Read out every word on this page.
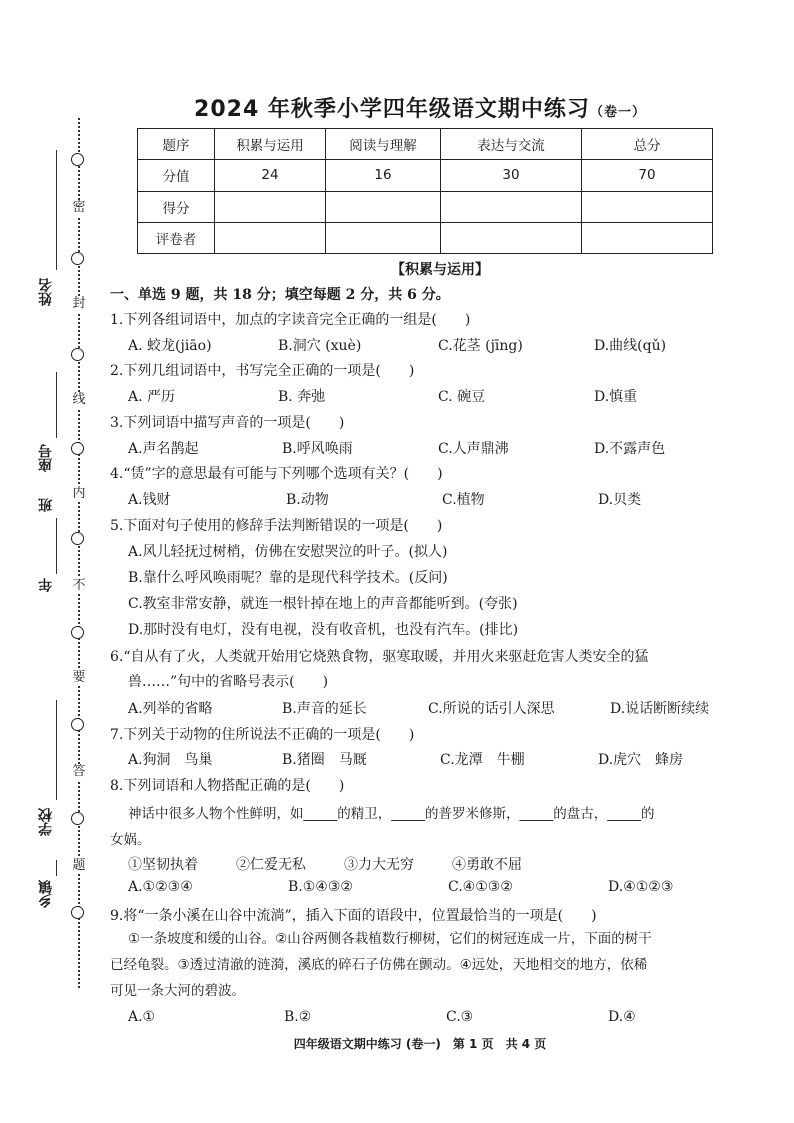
密
封
线
内
不
要
答
题
姓名
座号
班
年
学校
乡镇
2024 年秋季小学四年级语文期中练习（卷一）
题序	积累与运用	阅读与理解	表达与交流	总分
分值	24	16	30	70
得分				
评卷者				
【积累与运用】
一、单选 9 题，共 18 分；填空每题 2 分，共 6 分。
1.下列各组词语中，加点的字读音完全正确的一组是(　　)
A. 蛟龙(jiāo)	B.洞穴 (xuè)	C.花茎 (jīng)	D.曲线(qǔ)
2.下列几组词语中，书写完全正确的一项是(　　)
A. 严历	B. 奔弛	C. 碗豆	D.慎重
3.下列词语中描写声音的一项是(　　)
A.声名鹊起	B.呼风唤雨	C.人声鼎沸	D.不露声色
4.“赁”字的意思最有可能与下列哪个选项有关？(　　)
A.钱财	B.动物	C.植物	D.贝类
5.下面对句子使用的修辞手法判断错误的一项是(　　)
A.风儿轻抚过树梢，仿佛在安慰哭泣的叶子。(拟人)
B.靠什么呼风唤雨呢？靠的是现代科学技术。(反问)
C.教室非常安静，就连一根针掉在地上的声音都能听到。(夸张)
D.那时没有电灯，没有电视，没有收音机，也没有汽车。(排比)
6.“自从有了火，人类就开始用它烧熟食物，驱寒取暖，并用火来驱赶危害人类安全的猛
兽……”句中的省略号表示(　　)
A.列举的省略	B.声音的延长	C.所说的话引人深思	D.说话断断续续
7.下列关于动物的住所说法不正确的一项是(　　)
A.狗洞　鸟巢	B.猪圈　马厩	C.龙潭　牛棚	D.虎穴　蜂房
8.下列词语和人物搭配正确的是(　　)
神话中很多人物个性鲜明，如_____的精卫，_____的普罗米修斯，_____的盘古，_____的
女娲。
①坚韧执着	②仁爱无私	③力大无穷	④勇敢不屈
A.①②③④	B.①④③②	C.④①③②	D.④①②③
9.将“一条小溪在山谷中流淌”，插入下面的语段中，位置最恰当的一项是(　　)
①一条坡度和缓的山谷。②山谷两侧各栽植数行柳树，它们的树冠连成一片，下面的树干
已经龟裂。③透过清澈的涟漪，溪底的碎石子仿佛在颤动。④远处，天地相交的地方，依稀
可见一条大河的碧波。
A.①	B.②	C.③	D.④
四年级语文期中练习 (卷一)　第 1 页　共 4 页
